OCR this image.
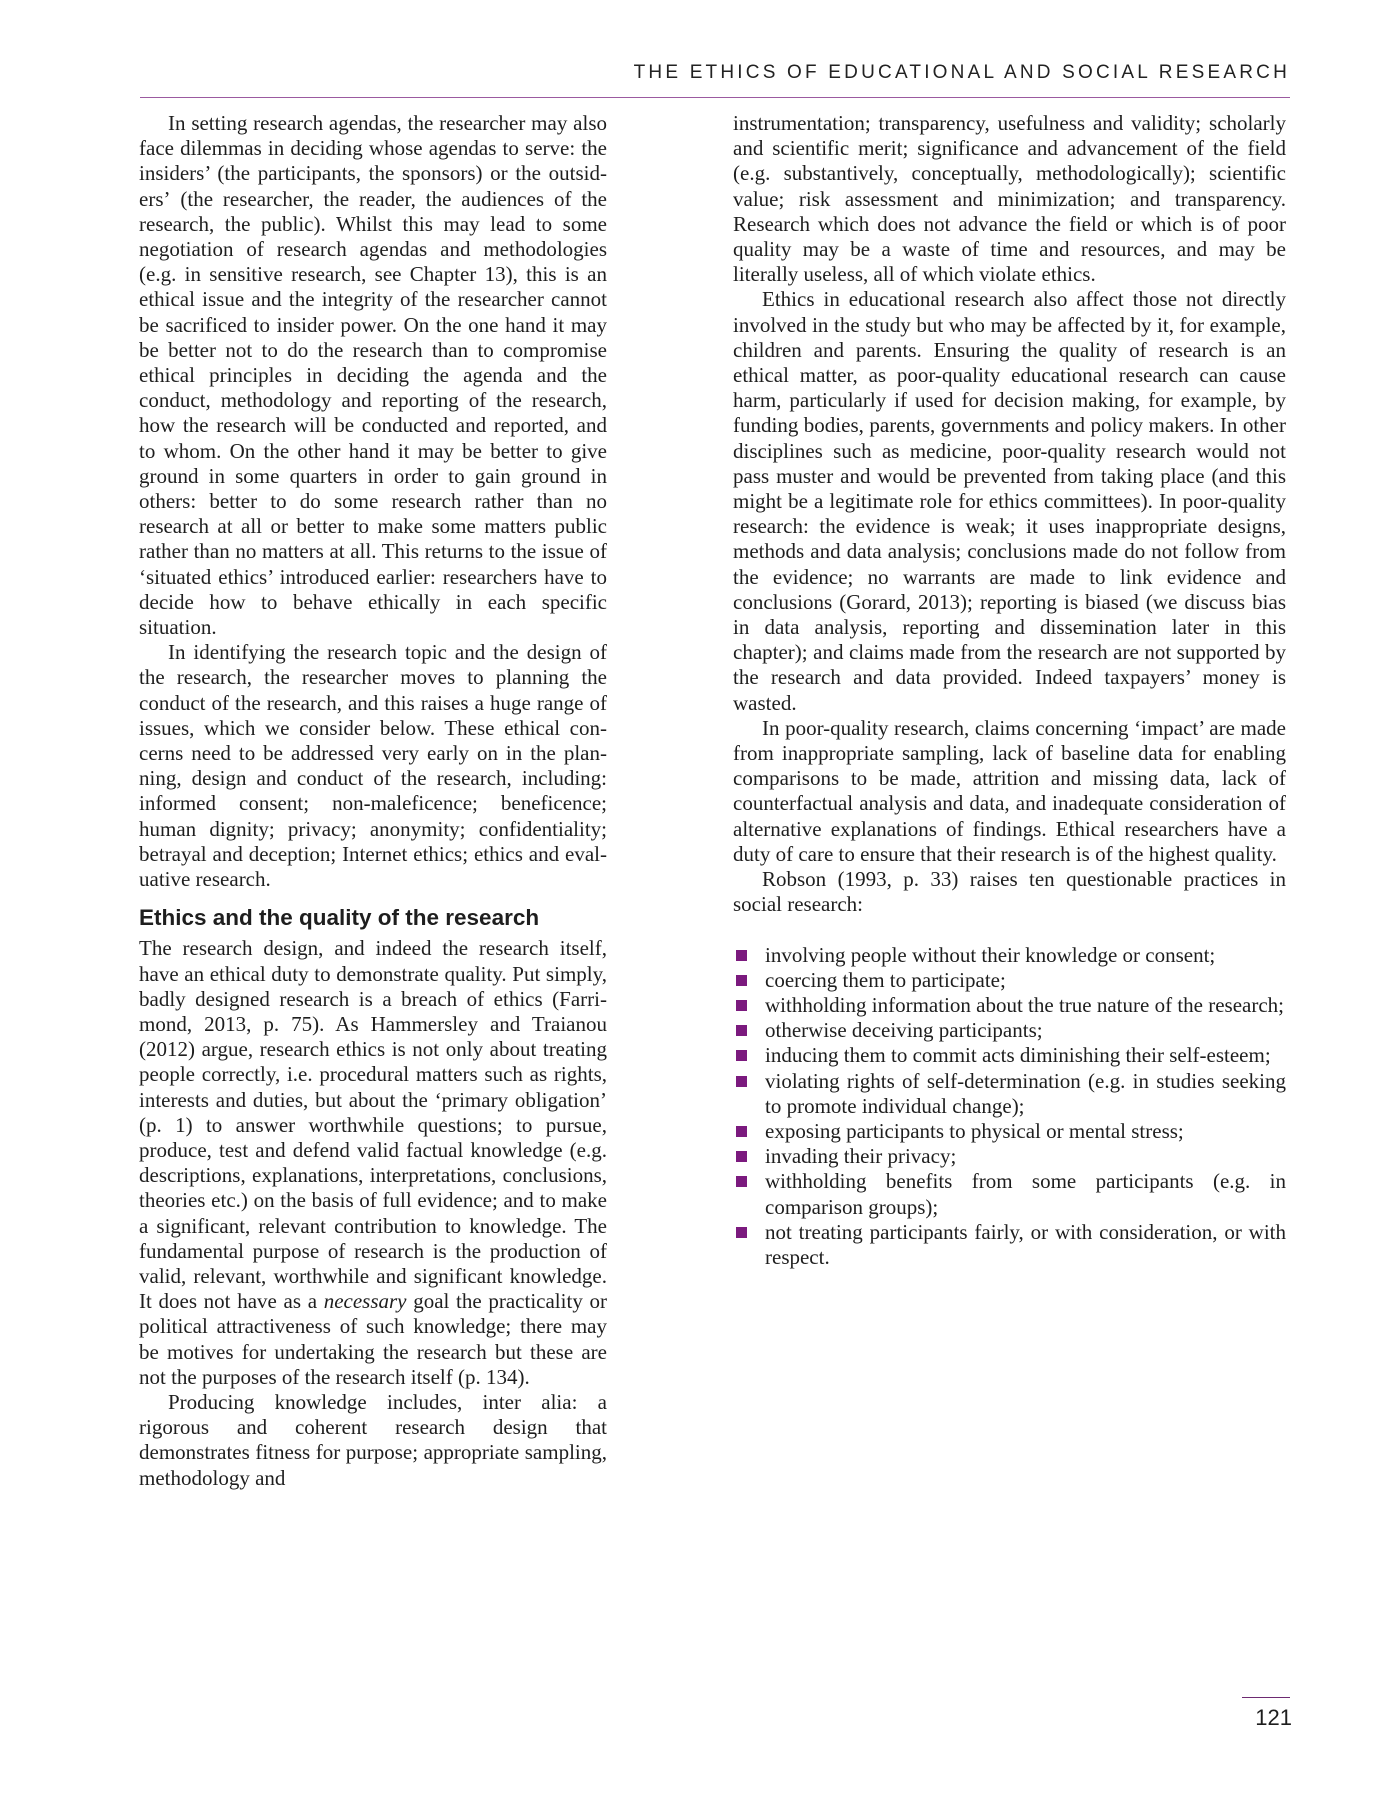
THE ETHICS OF EDUCATIONAL AND SOCIAL RESEARCH

In setting research agendas, the researcher may also face dilemmas in deciding whose agendas to serve: the insiders’ (the participants, the sponsors) or the outsidersʼ (the researcher, the reader, the audiences of the research, the public). Whilst this may lead to some negotiation of research agendas and methodologies (e.g. in sensitive research, see Chapter 13), this is an ethical issue and the integrity of the researcher cannot be sacrificed to insider power. On the one hand it may be better not to do the research than to compromise ethical principles in deciding the agenda and the conduct, methodology and reporting of the research, how the research will be conducted and reported, and to whom. On the other hand it may be better to give ground in some quarters in order to gain ground in others: better to do some research rather than no research at all or better to make some matters public rather than no matters at all. This returns to the issue of ‘situated ethics’ introduced earlier: researchers have to decide how to behave ethically in each specific situation.

In identifying the research topic and the design of the research, the researcher moves to planning the conduct of the research, and this raises a huge range of issues, which we consider below. These ethical concerns need to be addressed very early on in the planning, design and conduct of the research, including: informed consent; non-maleficence; beneficence; human dignity; privacy; anonymity; confidentiality; betrayal and deception; Internet ethics; ethics and evaluative research.

Ethics and the quality of the research

The research design, and indeed the research itself, have an ethical duty to demonstrate quality. Put simply, badly designed research is a breach of ethics (Farrimond, 2013, p. 75). As Hammersley and Traianou (2012) argue, research ethics is not only about treating people correctly, i.e. procedural matters such as rights, interests and duties, but about the ‘primary obligation’ (p. 1) to answer worthwhile questions; to pursue, produce, test and defend valid factual knowledge (e.g. descriptions, explanations, interpretations, conclusions, theories etc.) on the basis of full evidence; and to make a significant, relevant contribution to knowledge. The fundamental purpose of research is the production of valid, relevant, worthwhile and significant knowledge. It does not have as a necessary goal the practicality or political attractiveness of such knowledge; there may be motives for undertaking the research but these are not the purposes of the research itself (p. 134).

Producing knowledge includes, inter alia: a rigorous and coherent research design that demonstrates fitness for purpose; appropriate sampling, methodology and

instrumentation; transparency, usefulness and validity; scholarly and scientific merit; significance and advancement of the field (e.g. substantively, conceptually, methodologically); scientific value; risk assessment and minimization; and transparency. Research which does not advance the field or which is of poor quality may be a waste of time and resources, and may be literally useless, all of which violate ethics.

Ethics in educational research also affect those not directly involved in the study but who may be affected by it, for example, children and parents. Ensuring the quality of research is an ethical matter, as poor-quality educational research can cause harm, particularly if used for decision making, for example, by funding bodies, parents, governments and policy makers. In other disciplines such as medicine, poor-quality research would not pass muster and would be prevented from taking place (and this might be a legitimate role for ethics committees). In poor-quality research: the evidence is weak; it uses inappropriate designs, methods and data analysis; conclusions made do not follow from the evidence; no warrants are made to link evidence and conclusions (Gorard, 2013); reporting is biased (we discuss bias in data analysis, reporting and dissemination later in this chapter); and claims made from the research are not supported by the research and data provided. Indeed taxpayers’ money is wasted.

In poor-quality research, claims concerning ‘impact’ are made from inappropriate sampling, lack of baseline data for enabling comparisons to be made, attrition and missing data, lack of counterfactual analysis and data, and inadequate consideration of alternative explanations of findings. Ethical researchers have a duty of care to ensure that their research is of the highest quality.

Robson (1993, p. 33) raises ten questionable practices in social research:

involving people without their knowledge or consent;
coercing them to participate;
withholding information about the true nature of the research;
otherwise deceiving participants;
inducing them to commit acts diminishing their self-esteem;
violating rights of self-determination (e.g. in studies seeking to promote individual change);
exposing participants to physical or mental stress;
invading their privacy;
withholding benefits from some participants (e.g. in comparison groups);
not treating participants fairly, or with consideration, or with respect.
121
